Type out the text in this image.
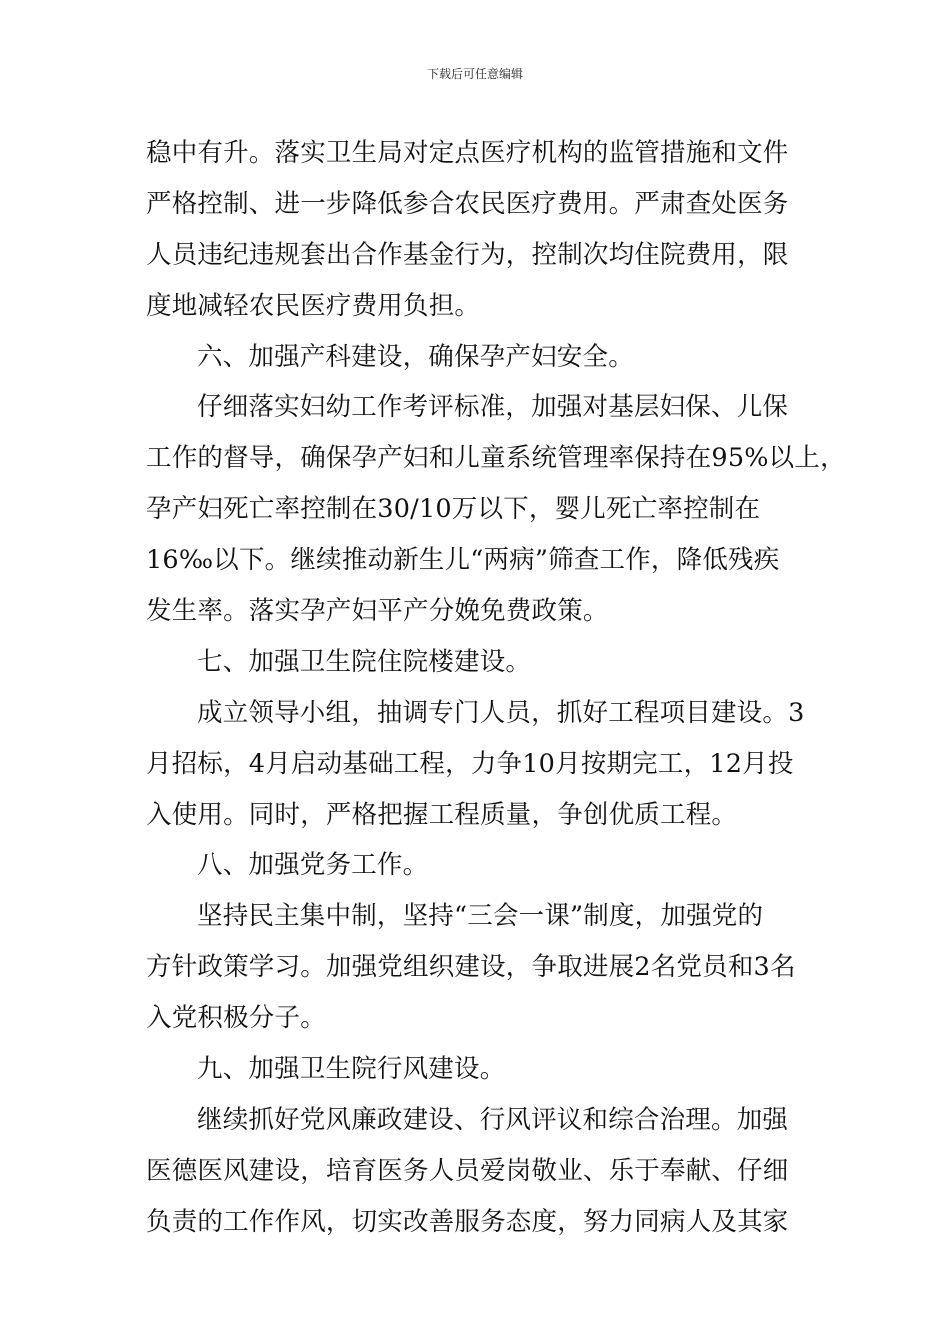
下载后可任意编辑
稳中有升。落实卫生局对定点医疗机构的监管措施和文件
严格控制、进一步降低参合农民医疗费用。严肃查处医务
人员违纪违规套出合作基金行为，控制次均住院费用，限
度地减轻农民医疗费用负担。
六、加强产科建设，确保孕产妇安全。
仔细落实妇幼工作考评标准，加强对基层妇保、儿保
工作的督导，确保孕产妇和儿童系统管理率保持在95%以上，
孕产妇死亡率控制在30/10万以下，婴儿死亡率控制在
16‰以下。继续推动新生儿“两病”筛查工作，降低残疾
发生率。落实孕产妇平产分娩免费政策。
七、加强卫生院住院楼建设。
成立领导小组，抽调专门人员，抓好工程项目建设。3
月招标，4月启动基础工程，力争10月按期完工，12月投
入使用。同时，严格把握工程质量，争创优质工程。
八、加强党务工作。
坚持民主集中制，坚持“三会一课”制度，加强党的
方针政策学习。加强党组织建设，争取进展2名党员和3名
入党积极分子。
九、加强卫生院行风建设。
继续抓好党风廉政建设、行风评议和综合治理。加强
医德医风建设，培育医务人员爱岗敬业、乐于奉献、仔细
负责的工作作风，切实改善服务态度，努力同病人及其家
